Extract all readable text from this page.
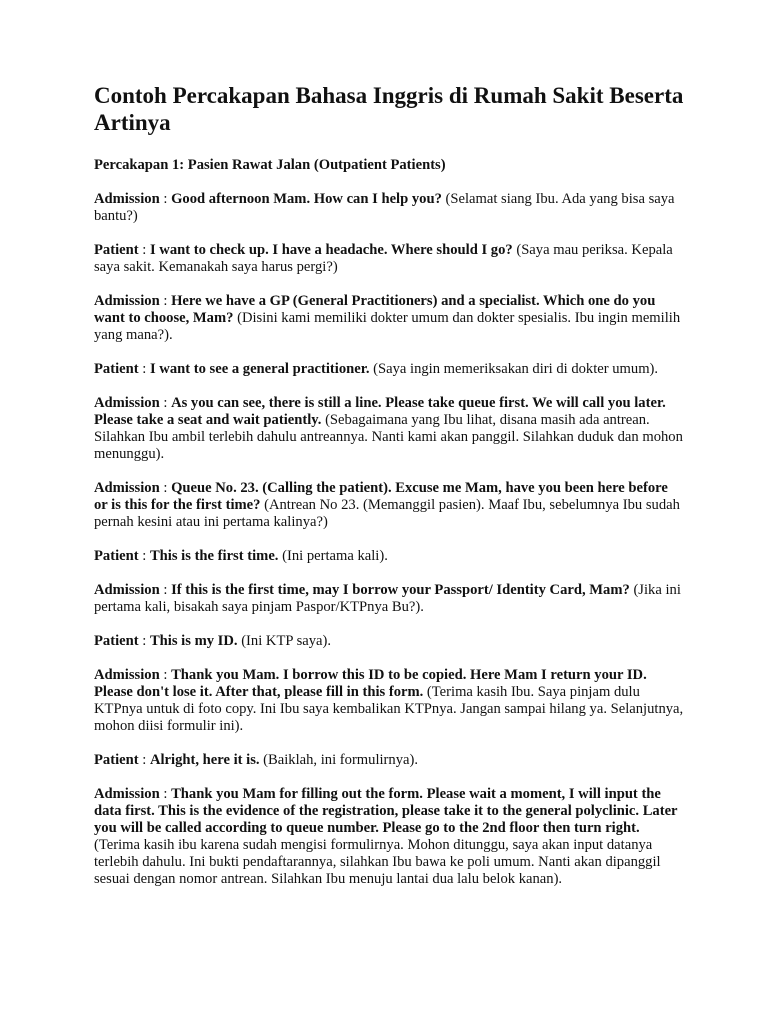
Contoh Percakapan Bahasa Inggris di Rumah Sakit Beserta Artinya
Percakapan 1: Pasien Rawat Jalan (Outpatient Patients)

Admission : Good afternoon Mam. How can I help you? (Selamat siang Ibu. Ada yang bisa saya bantu?)

Patient : I want to check up. I have a headache. Where should I go? (Saya mau periksa. Kepala saya sakit. Kemanakah saya harus pergi?)

Admission : Here we have a GP (General Practitioners) and a specialist. Which one do you want to choose, Mam? (Disini kami memiliki dokter umum dan dokter spesialis. Ibu ingin memilih yang mana?).

Patient : I want to see a general practitioner. (Saya ingin memeriksakan diri di dokter umum).

Admission : As you can see, there is still a line. Please take queue first. We will call you later. Please take a seat and wait patiently. (Sebagaimana yang Ibu lihat, disana masih ada antrean. Silahkan Ibu ambil terlebih dahulu antreannya. Nanti kami akan panggil. Silahkan duduk dan mohon menunggu).

Admission : Queue No. 23. (Calling the patient). Excuse me Mam, have you been here before or is this for the first time? (Antrean No 23. (Memanggil pasien). Maaf Ibu, sebelumnya Ibu sudah pernah kesini atau ini pertama kalinya?)

Patient : This is the first time. (Ini pertama kali).

Admission : If this is the first time, may I borrow your Passport/ Identity Card, Mam? (Jika ini pertama kali, bisakah saya pinjam Paspor/KTPnya Bu?).

Patient : This is my ID. (Ini KTP saya).

Admission : Thank you Mam. I borrow this ID to be copied. Here Mam I return your ID. Please don't lose it. After that, please fill in this form. (Terima kasih Ibu. Saya pinjam dulu KTPnya untuk di foto copy. Ini Ibu saya kembalikan KTPnya. Jangan sampai hilang ya. Selanjutnya, mohon diisi formulir ini).

Patient : Alright, here it is. (Baiklah, ini formulirnya).

Admission : Thank you Mam for filling out the form. Please wait a moment, I will input the data first. This is the evidence of the registration, please take it to the general polyclinic. Later you will be called according to queue number. Please go to the 2nd floor then turn right. (Terima kasih ibu karena sudah mengisi formulirnya. Mohon ditunggu, saya akan input datanya terlebih dahulu. Ini bukti pendaftarannya, silahkan Ibu bawa ke poli umum. Nanti akan dipanggil sesuai dengan nomor antrean. Silahkan Ibu menuju lantai dua lalu belok kanan).
